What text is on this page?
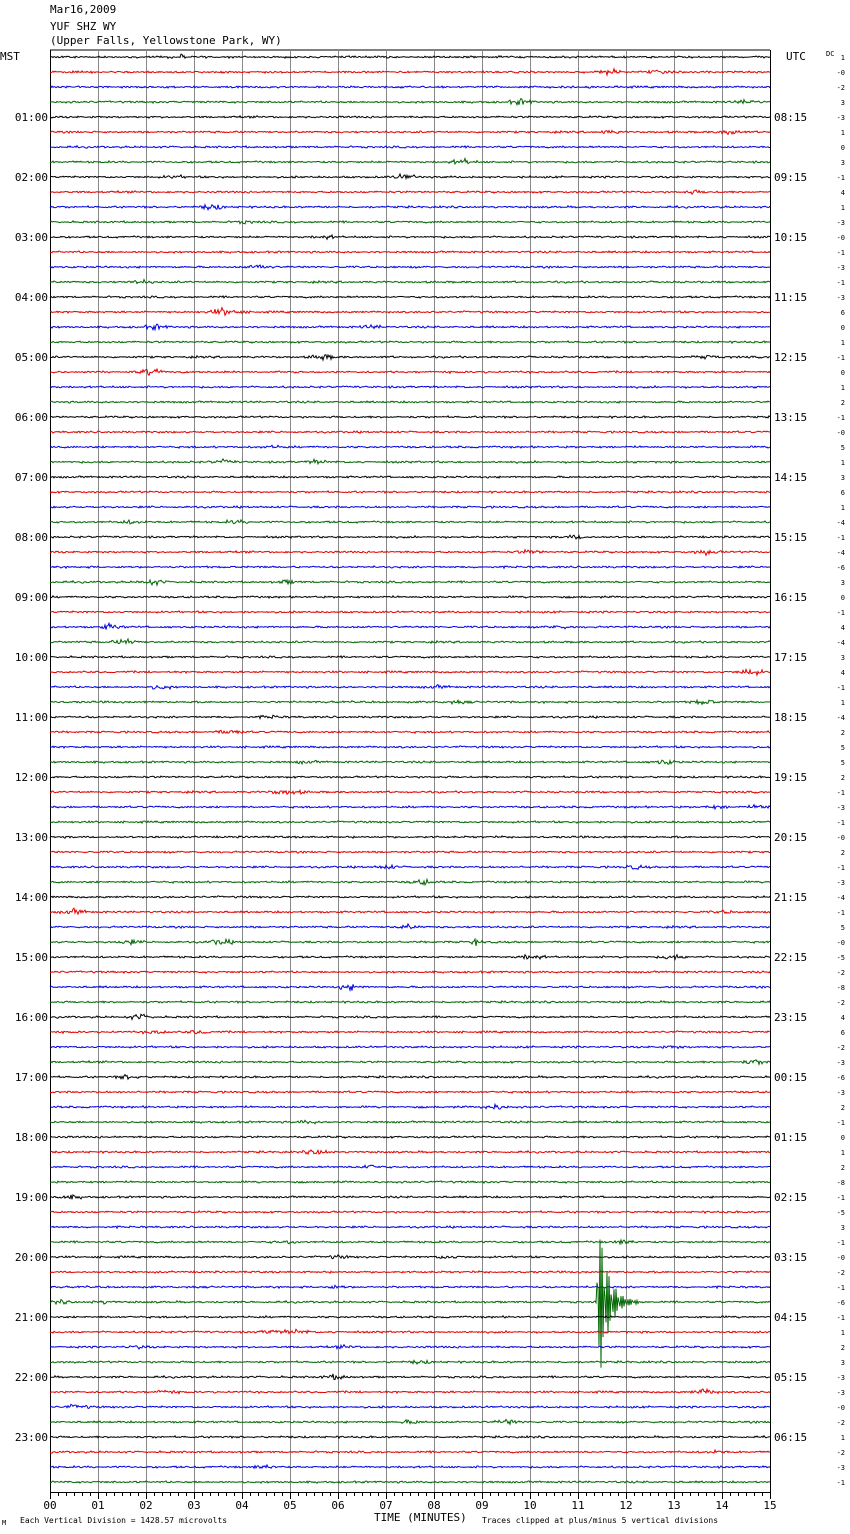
Mar16,2009
YUF SHZ WY
(Upper Falls, Yellowstone Park, WY)
MST	UTC	DC
00	01	02	03	04	05	06	07	08	09	10	11	12	13	14	15
01:00
02:00
03:00
04:00
05:00
06:00
07:00
08:00
09:00
10:00
11:00
12:00
13:00
14:00
15:00
16:00
17:00
18:00
19:00
20:00
21:00
22:00
23:00
08:15
09:15
10:15
11:15
12:15
13:15
14:15
15:15
16:15
17:15
18:15
19:15
20:15
21:15
22:15
23:15
00:15
01:15
02:15
03:15
04:15
05:15
06:15
1
-0
-2
3
-3
1
0
3
-1
4
1
-3
-0
-1
-3
-1
-3
6
0
1
-1
0
1
2
-1
-0
5
1
3
6
1
-4
-1
-4
-6
3
0
-1
4
-4
3
4
-1
1
-4
2
5
5
2
-1
-3
-1
-0
2
-1
-3
-4
-1
5
-0
-5
-2
-8
-2
4
6
-2
-3
-6
-3
2
-1
0
1
2
-8
-1
-5
3
-1
-0
-2
-1
-6
-1
1
2
3
-3
-3
-0
-2
1
-2
-3
-1
TIME (MINUTES)
Each Vertical Division = 1428.57 microvolts	Traces clipped at plus/minus 5 vertical divisions
M
